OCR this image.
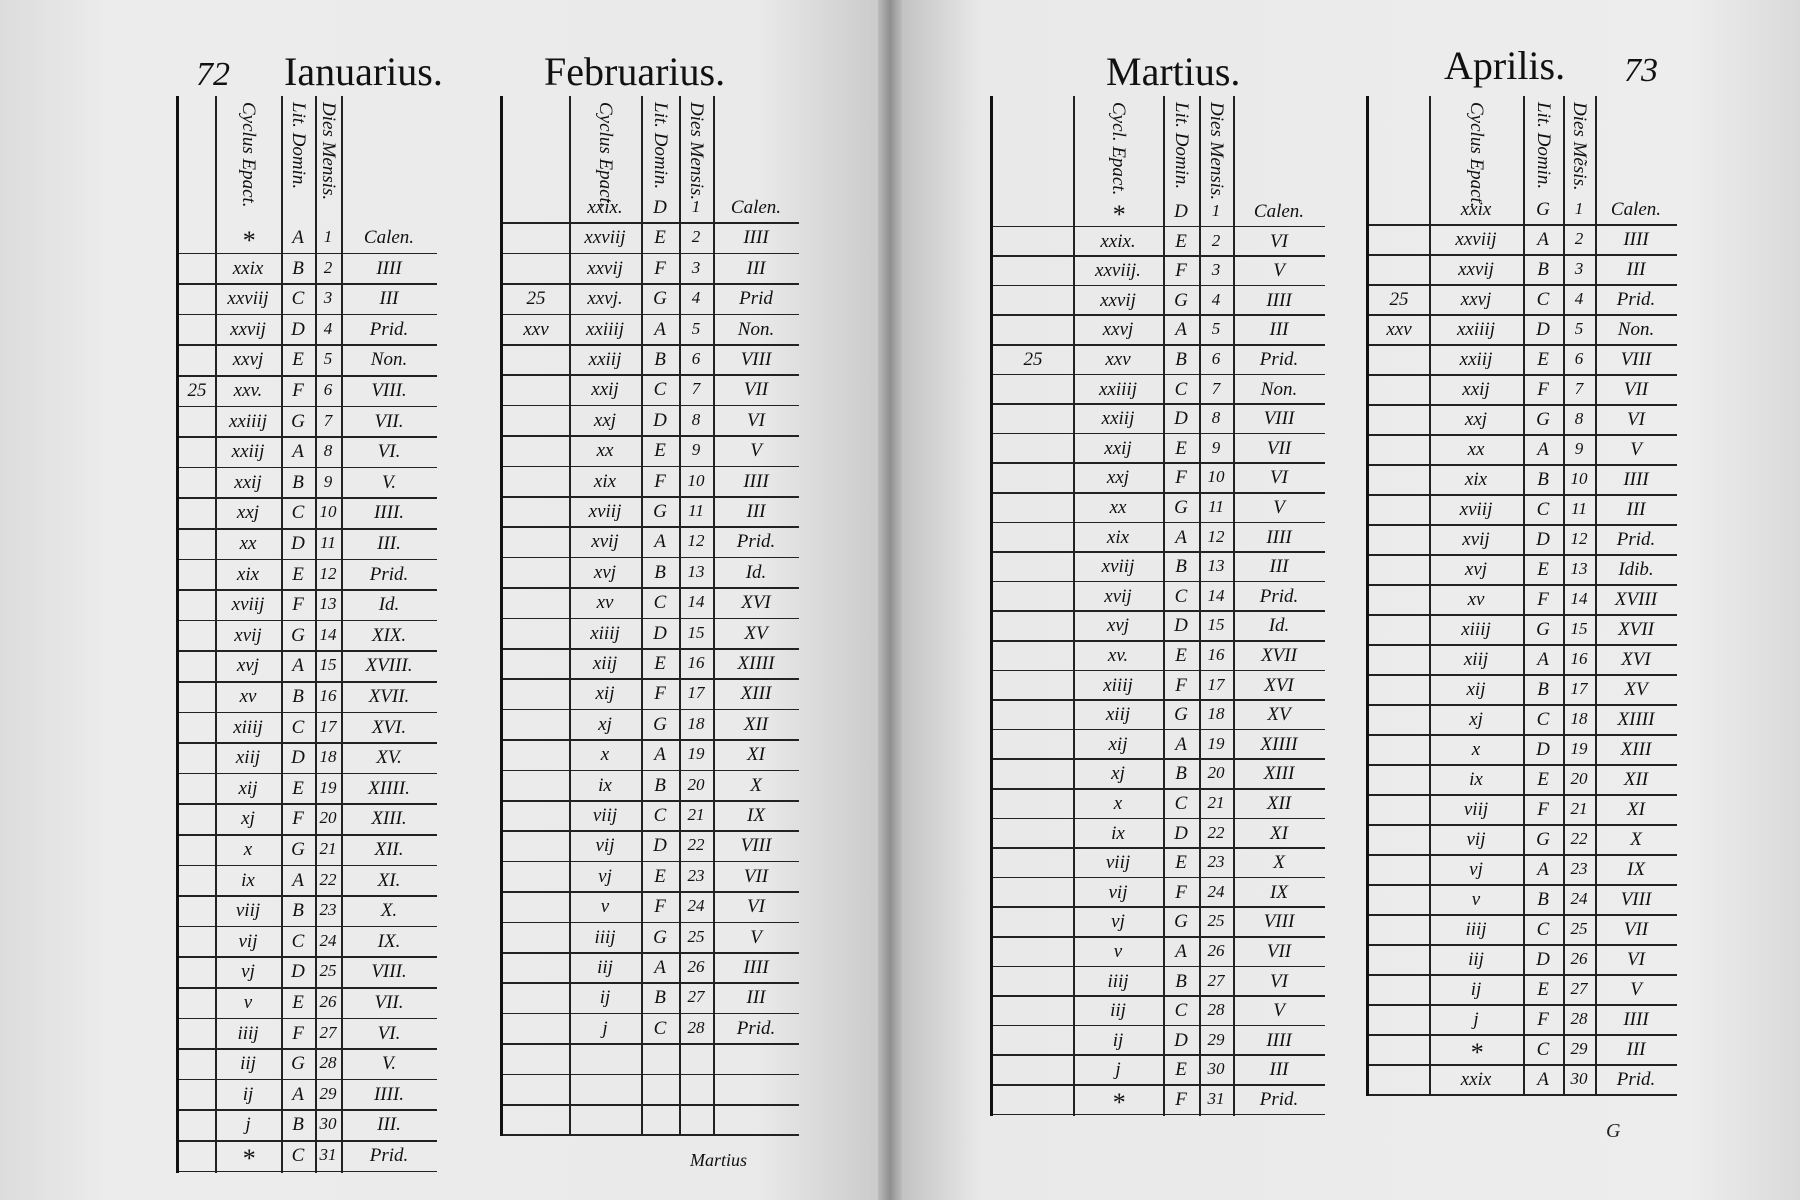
72 Ianuarius.	Februarius.
Cyclus Epact. Lit. Domin. Dies Mensis.
*	A	1	Calen.
xxix	B	2	IIII
xxviij	C	3	III
xxvij	D	4	Prid.
xxvj	E	5	Non.
25	xxv.	F	6	VIII.
xxiiij	G	7	VII.
xxiij	A	8	VI.
xxij	B	9	V.
xxj	C 10	IIII.
xx	D 11	III.
xix	E 12	Prid.
xviij	F 13	Id.
xvij	G 14	XIX.
xvj	A 15	XVIII.
xv	B 16	XVII.
xiiij	C 17	XVI.
xiij	D 18	XV.
xij	E 19	XIIII.
xj	F 20	XIII.
x	G 21	XII.
ix	A 22	XI.
viij	B 23	X.
vij	C 24	IX.
vj	D 25	VIII.
v	E 26	VII.
iiij	F 27	VI.
iij	G 28	V.
ij	A 29	IIII.
j	B 30	III.
*	C 31	Prid.
Cyclus Epact. Lit. Domin. Dies Mensis.
xxix.	D	1	Calen.
xxviij	E	2	IIII
xxvij	F	3	III
25	xxvj.	G	4	Prid
xxv	xxiiij	A	5	Non.
xxiij	B	6	VIII
xxij	C	7	VII
xxj	D	8	VI
xx	E	9	V
xix	F	10	IIII
xviij	G	11	III
xvij	A	12	Prid.
xvj	B	13	Id.
xv	C	14	XVI
xiiij	D	15	XV
xiij	E	16	XIIII
xij	F	17	XIII
xj	G	18	XII
x	A	19	XI
ix	B	20	X
viij	C	21	IX
vij	D	22	VIII
vj	E	23	VII
v	F	24	VI
iiij	G	25	V
iij	A	26	IIII
ij	B	27	III
j	C	28	Prid.
Martius
Martius.	Aprilis. 73
Cycl. Epact. Lit. Domin. Dies Mensis.
*	D	1	Calen.
xxix.	E	2	VI
xxviij.	F	3	V
xxvij	G	4	IIII
xxvj	A	5	III
25	xxv	B	6	Prid.
xxiiij	C	7	Non.
xxiij	D	8	VIII
xxij	E	9	VII
xxj	F	10	VI
xx	G	11	V
xix	A	12	IIII
xviij	B	13	III
xvij	C	14	Prid.
xvj	D	15	Id.
xv.	E	16	XVII
xiiij	F	17	XVI
xiij	G	18	XV
xij	A	19	XIIII
xj	B	20	XIII
x	C	21	XII
ix	D	22	XI
viij	E	23	X
vij	F	24	IX
vj	G	25	VIII
v	A	26	VII
iiij	B	27	VI
iij	C	28	V
ij	D	29	IIII
j	E	30	III
*	F	31	Prid.
Cyclus Epact. Lit. Domin. Dies Mẽsis.
xxix	G	1	Calen.
xxviij	A	2	IIII
xxvij	B	3	III
25	xxvj	C	4	Prid.
xxv	xxiiij	D	5	Non.
xxiij	E	6	VIII
xxij	F	7	VII
xxj	G	8	VI
xx	A	9	V
xix	B	10	IIII
xviij	C	11	III
xvij	D	12	Prid.
xvj	E	13	Idib.
xv	F	14	XVIII
xiiij	G	15	XVII
xiij	A	16	XVI
xij	B	17	XV
xj	C	18	XIIII
x	D	19	XIII
ix	E	20	XII
viij	F	21	XI
vij	G	22	X
vj	A	23	IX
v	B	24	VIII
iiij	C	25	VII
iij	D	26	VI
ij	E	27	V
j	F	28	IIII
*	C	29	III
xxix	A	30	Prid.
G
